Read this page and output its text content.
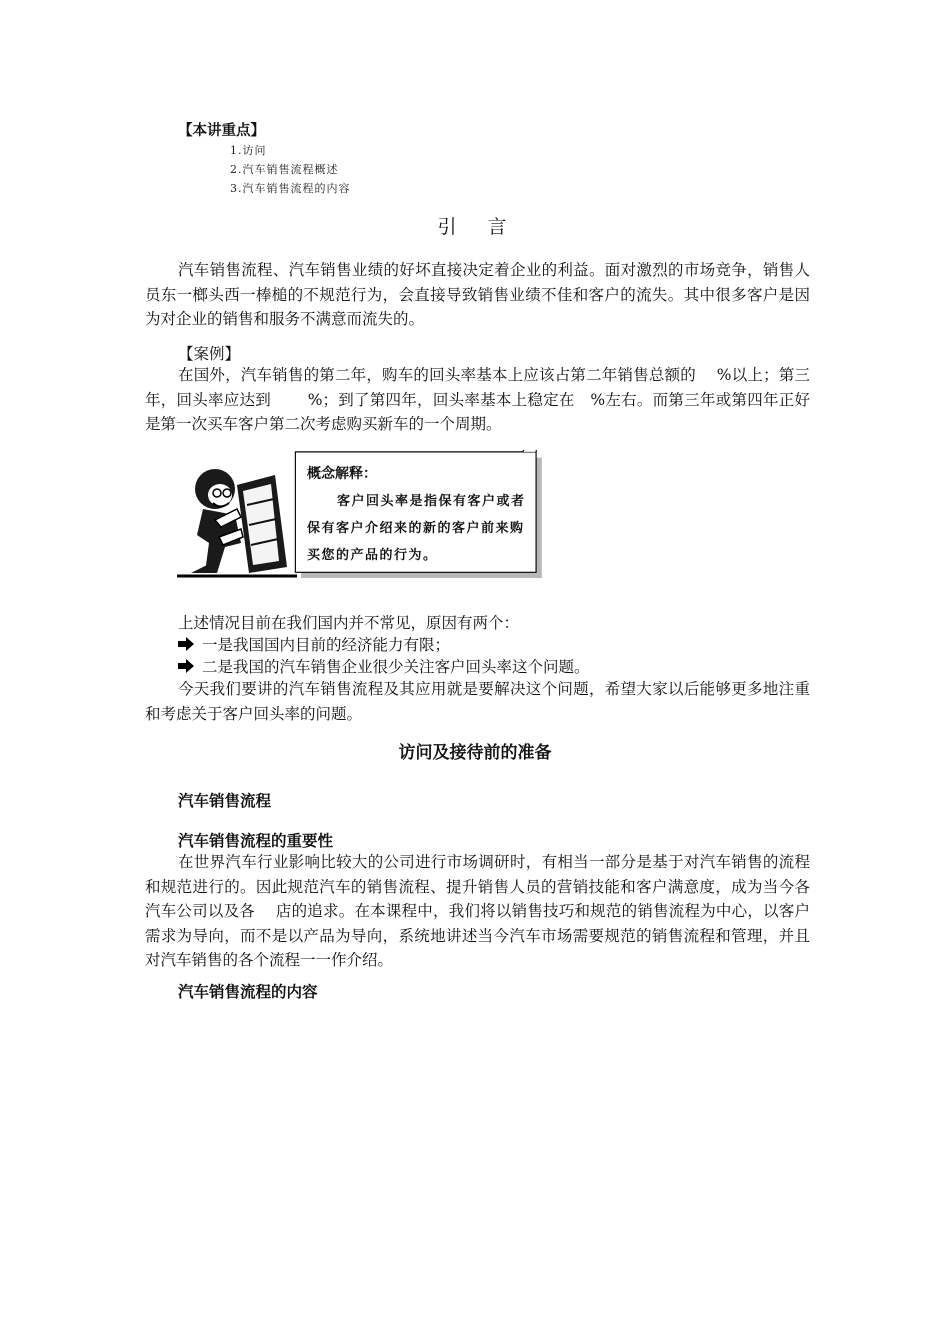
【本讲重点】
1.访问
2.汽车销售流程概述
3.汽车销售流程的内容
引　言
汽车销售流程、汽车销售业绩的好坏直接决定着企业的利益。面对激烈的市场竞争，销售人员东一榔头西一棒槌的不规范行为，会直接导致销售业绩不佳和客户的流失。其中很多客户是因为对企业的销售和服务不满意而流失的。
【案例】
在国外，汽车销售的第二年，购车的回头率基本上应该占第二年销售总额的　 %以上；第三年，回头率应达到　　 %；到了第四年，回头率基本上稳定在　%左右。而第三年或第四年正好是第一次买车客户第二次考虑购买新车的一个周期。
概念解释：
客户回头率是指保有客户或者保有客户介绍来的新的客户前来购买您的产品的行为。
上述情况目前在我们国内并不常见，原因有两个：
一是我国国内目前的经济能力有限；
二是我国的汽车销售企业很少关注客户回头率这个问题。
今天我们要讲的汽车销售流程及其应用就是要解决这个问题，希望大家以后能够更多地注重和考虑关于客户回头率的问题。
访问及接待前的准备
汽车销售流程
汽车销售流程的重要性
在世界汽车行业影响比较大的公司进行市场调研时，有相当一部分是基于对汽车销售的流程和规范进行的。因此规范汽车的销售流程、提升销售人员的营销技能和客户满意度，成为当今各汽车公司以及各　 店的追求。在本课程中，我们将以销售技巧和规范的销售流程为中心，以客户需求为导向，而不是以产品为导向，系统地讲述当今汽车市场需要规范的销售流程和管理，并且对汽车销售的各个流程一一作介绍。
汽车销售流程的内容
